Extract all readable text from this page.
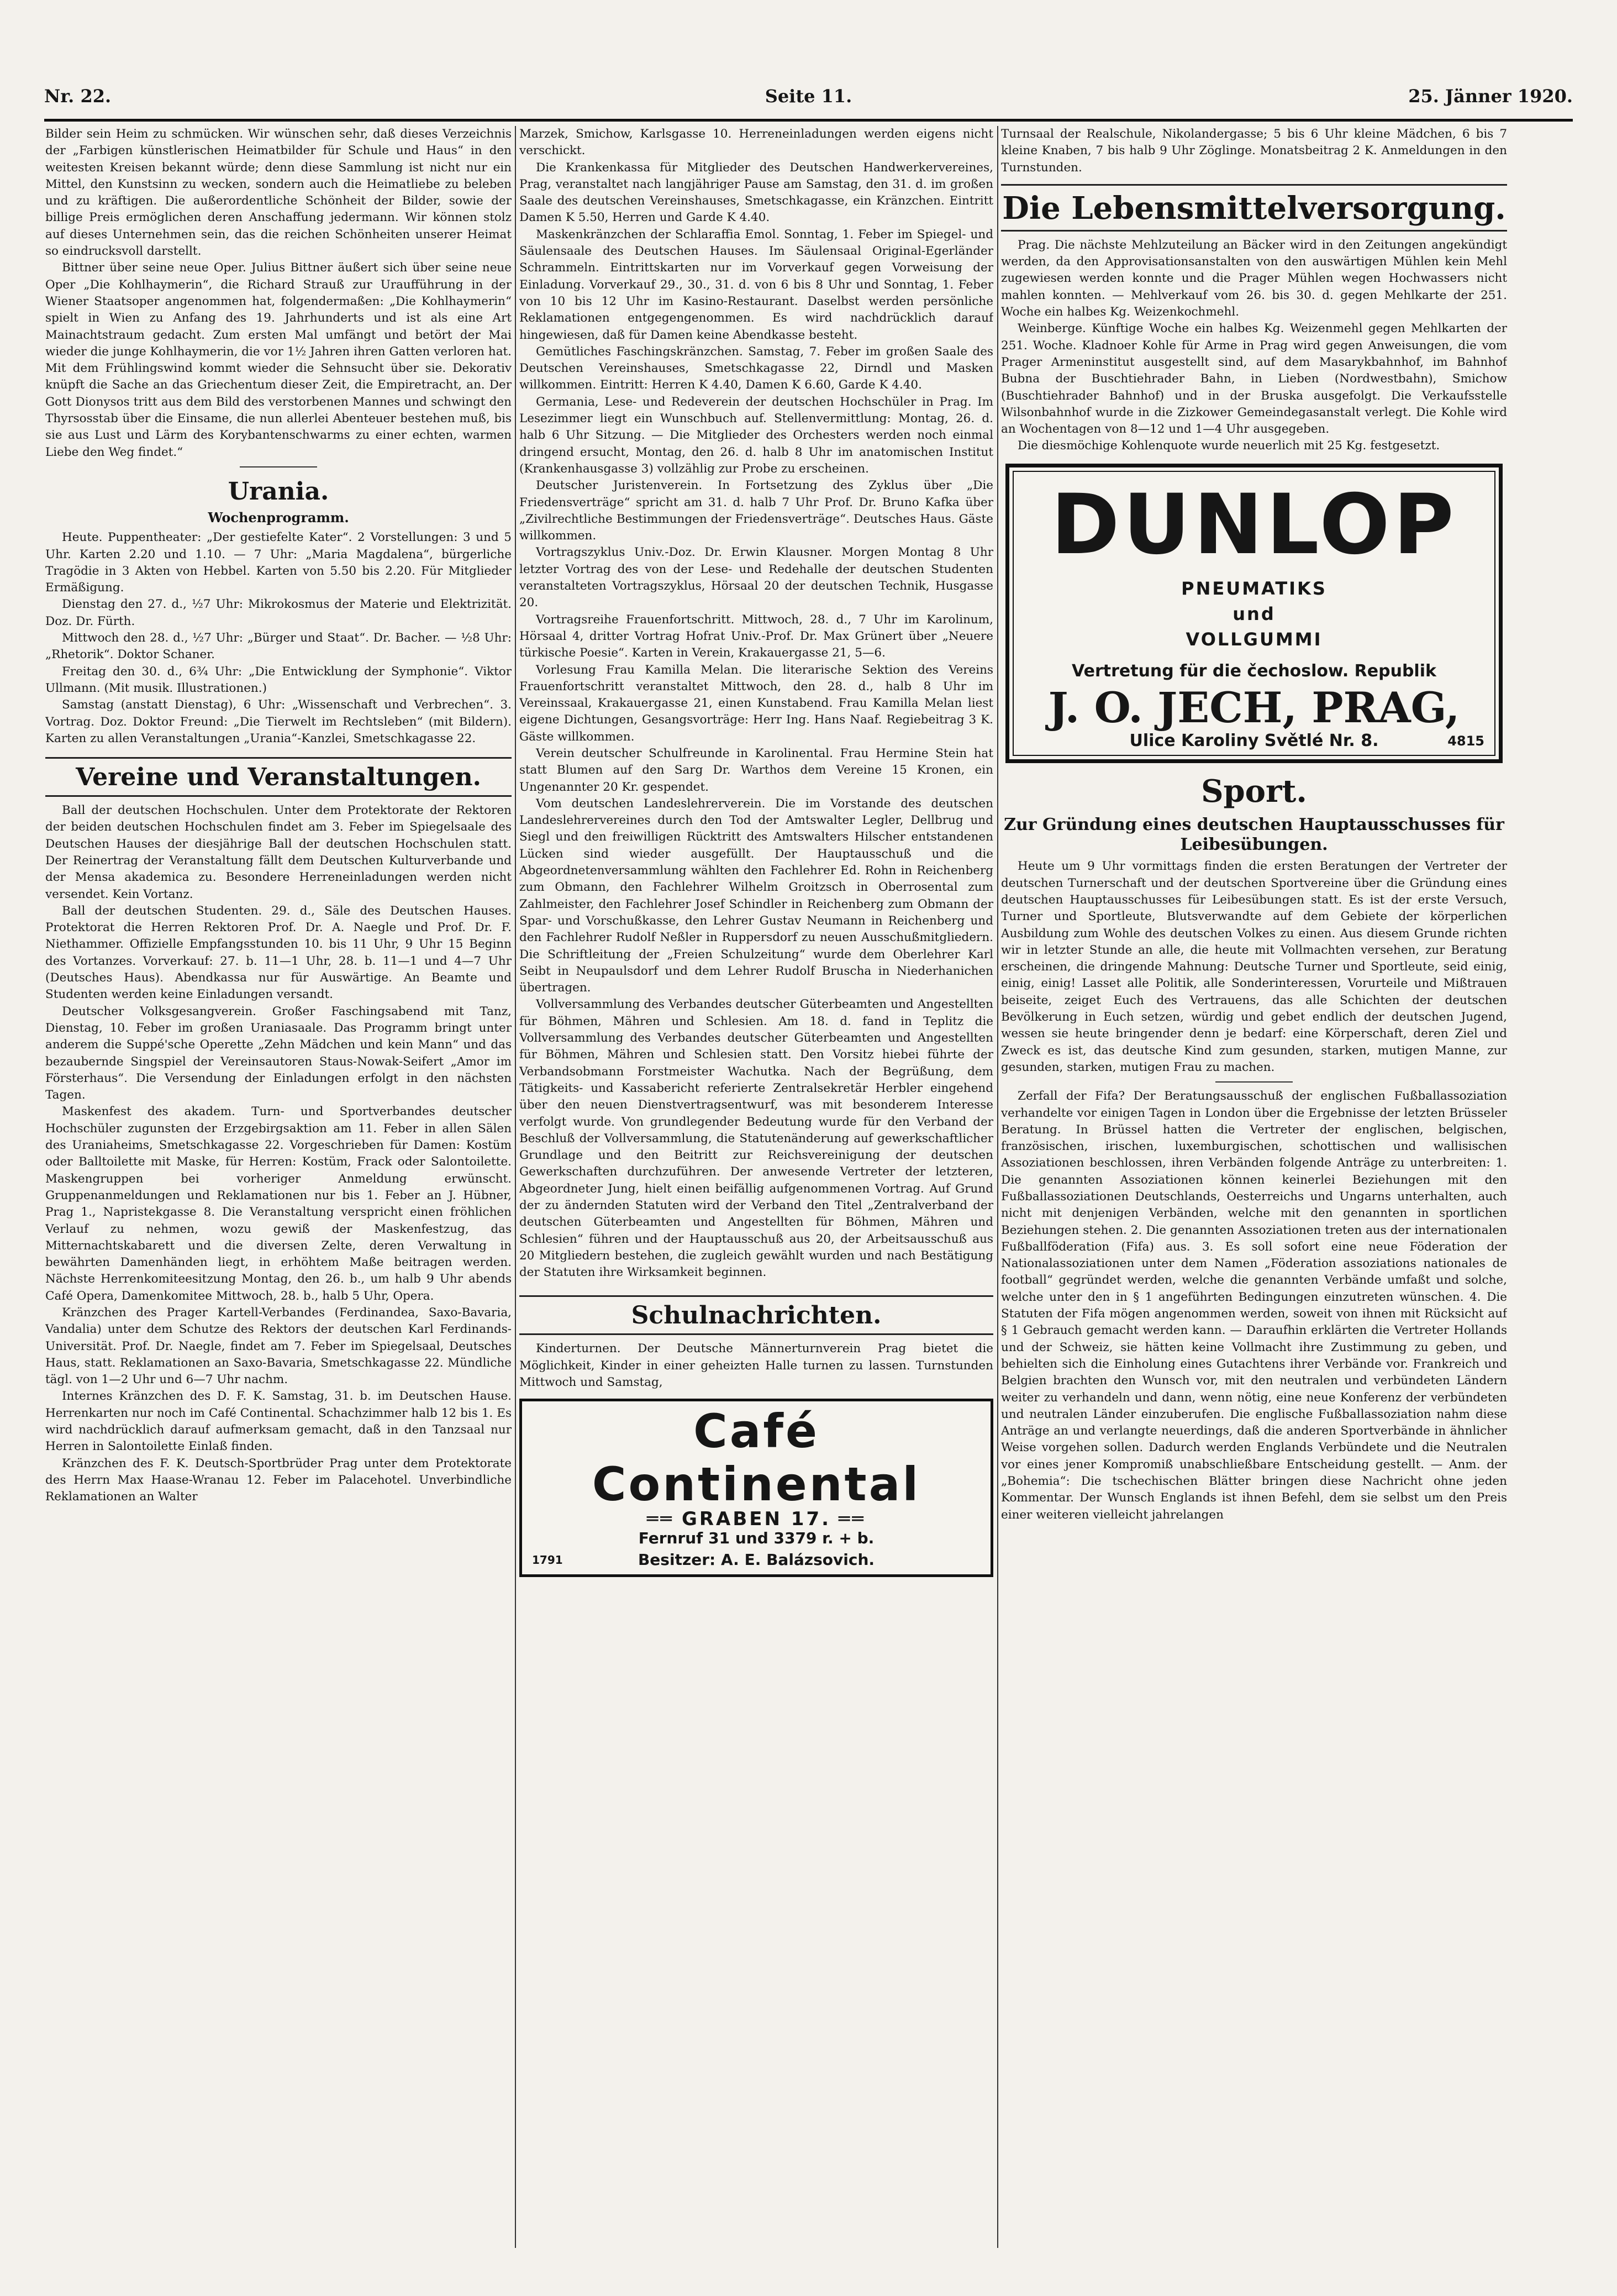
Nr. 22.	Seite 11.	25. Jänner 1920.

Bilder sein Heim zu schmücken. Wir wünschen sehr, daß dieses Verzeichnis der „Farbigen künstlerischen Heimatbilder für Schule und Haus“ in den weitesten Kreisen bekannt würde; denn diese Sammlung ist nicht nur ein Mittel, den Kunstsinn zu wecken, sondern auch die Heimatliebe zu beleben und zu kräftigen. Die außerordentliche Schönheit der Bilder, sowie der billige Preis ermöglichen deren Anschaffung jedermann. Wir können stolz auf dieses Unternehmen sein, das die reichen Schönheiten unserer Heimat so eindrucksvoll darstellt.

Bittner über seine neue Oper. Julius Bittner äußert sich über seine neue Oper „Die Kohlhaymerin“, die Richard Strauß zur Uraufführung in der Wiener Staatsoper angenommen hat, folgendermaßen: „Die Kohlhaymerin“ spielt in Wien zu Anfang des 19. Jahrhunderts und ist als eine Art Mainachtstraum gedacht. Zum ersten Mal umfängt und betört der Mai wieder die junge Kohlhaymerin, die vor 1½ Jahren ihren Gatten verloren hat. Mit dem Frühlingswind kommt wieder die Sehnsucht über sie. Dekorativ knüpft die Sache an das Griechentum dieser Zeit, die Empiretracht, an. Der Gott Dionysos tritt aus dem Bild des verstorbenen Mannes und schwingt den Thyrsosstab über die Einsame, die nun allerlei Abenteuer bestehen muß, bis sie aus Lust und Lärm des Korybantenschwarms zu einer echten, warmen Liebe den Weg findet.“

Urania.
Wochenprogramm.

Heute. Puppentheater: „Der gestiefelte Kater“. 2 Vorstellungen: 3 und 5 Uhr. Karten 2.20 und 1.10. — 7 Uhr: „Maria Magdalena“, bürgerliche Tragödie in 3 Akten von Hebbel. Karten von 5.50 bis 2.20. Für Mitglieder Ermäßigung.

Dienstag den 27. d., ½7 Uhr: Mikrokosmus der Materie und Elektrizität. Doz. Dr. Fürth.

Mittwoch den 28. d., ½7 Uhr: „Bürger und Staat“. Dr. Bacher. — ½8 Uhr: „Rhetorik“. Doktor Schaner.

Freitag den 30. d., 6¾ Uhr: „Die Entwicklung der Symphonie“. Viktor Ullmann. (Mit musik. Illustrationen.)

Samstag (anstatt Dienstag), 6 Uhr: „Wissenschaft und Verbrechen“. 3. Vortrag. Doz. Doktor Freund: „Die Tierwelt im Rechtsleben“ (mit Bildern). Karten zu allen Veranstaltungen „Urania“-Kanzlei, Smetschkagasse 22.

Vereine und Veranstaltungen.

Ball der deutschen Hochschulen. Unter dem Protektorate der Rektoren der beiden deutschen Hochschulen findet am 3. Feber im Spiegelsaale des Deutschen Hauses der diesjährige Ball der deutschen Hochschulen statt. Der Reinertrag der Veranstaltung fällt dem Deutschen Kulturverbande und der Mensa akademica zu. Besondere Herreneinladungen werden nicht versendet. Kein Vortanz.

Ball der deutschen Studenten. 29. d., Säle des Deutschen Hauses. Protektorat die Herren Rektoren Prof. Dr. A. Naegle und Prof. Dr. F. Niethammer. Offizielle Empfangsstunden 10. bis 11 Uhr, 9 Uhr 15 Beginn des Vortanzes. Vorverkauf: 27. b. 11—1 Uhr, 28. b. 11—1 und 4—7 Uhr (Deutsches Haus). Abendkassa nur für Auswärtige. An Beamte und Studenten werden keine Einladungen versandt.

Deutscher Volksgesangverein. Großer Faschingsabend mit Tanz, Dienstag, 10. Feber im großen Uraniasaale. Das Programm bringt unter anderem die Suppé'sche Operette „Zehn Mädchen und kein Mann“ und das bezaubernde Singspiel der Vereinsautoren Staus-Nowak-Seifert „Amor im Försterhaus“. Die Versendung der Einladungen erfolgt in den nächsten Tagen.

Maskenfest des akadem. Turn- und Sportverbandes deutscher Hochschüler zugunsten der Erzgebirgsaktion am 11. Feber in allen Sälen des Uraniaheims, Smetschkagasse 22. Vorgeschrieben für Damen: Kostüm oder Balltoilette mit Maske, für Herren: Kostüm, Frack oder Salontoilette. Maskengruppen bei vorheriger Anmeldung erwünscht. Gruppenanmeldungen und Reklamationen nur bis 1. Feber an J. Hübner, Prag 1., Napristekgasse 8. Die Veranstaltung verspricht einen fröhlichen Verlauf zu nehmen, wozu gewiß der Maskenfestzug, das Mitternachtskabarett und die diversen Zelte, deren Verwaltung in bewährten Damenhänden liegt, in erhöhtem Maße beitragen werden. Nächste Herrenkomiteesitzung Montag, den 26. b., um halb 9 Uhr abends Café Opera, Damenkomitee Mittwoch, 28. b., halb 5 Uhr, Opera.

Kränzchen des Prager Kartell-Verbandes (Ferdinandea, Saxo-Bavaria, Vandalia) unter dem Schutze des Rektors der deutschen Karl Ferdinands-Universität. Prof. Dr. Naegle, findet am 7. Feber im Spiegelsaal, Deutsches Haus, statt. Reklamationen an Saxo-Bavaria, Smetschkagasse 22. Mündliche tägl. von 1—2 Uhr und 6—7 Uhr nachm.

Internes Kränzchen des D. F. K. Samstag, 31. b. im Deutschen Hause. Herrenkarten nur noch im Café Continental. Schachzimmer halb 12 bis 1. Es wird nachdrücklich darauf aufmerksam gemacht, daß in den Tanzsaal nur Herren in Salontoilette Einlaß finden.

Kränzchen des F. K. Deutsch-Sportbrüder Prag unter dem Protektorate des Herrn Max Haase-Wranau 12. Feber im Palacehotel. Unverbindliche Reklamationen an Walter

Marzek, Smichow, Karlsgasse 10. Herreneinladungen werden eigens nicht verschickt.

Die Krankenkassa für Mitglieder des Deutschen Handwerkervereines, Prag, veranstaltet nach langjähriger Pause am Samstag, den 31. d. im großen Saale des deutschen Vereinshauses, Smetschkagasse, ein Kränzchen. Eintritt Damen K 5.50, Herren und Garde K 4.40.

Maskenkränzchen der Schlaraffia Emol. Sonntag, 1. Feber im Spiegel- und Säulensaale des Deutschen Hauses. Im Säulensaal Original-Egerländer Schrammeln. Eintrittskarten nur im Vorverkauf gegen Vorweisung der Einladung. Vorverkauf 29., 30., 31. d. von 6 bis 8 Uhr und Sonntag, 1. Feber von 10 bis 12 Uhr im Kasino-Restaurant. Daselbst werden persönliche Reklamationen entgegengenommen. Es wird nachdrücklich darauf hingewiesen, daß für Damen keine Abendkasse besteht.

Gemütliches Faschingskränzchen. Samstag, 7. Feber im großen Saale des Deutschen Vereinshauses, Smetschkagasse 22, Dirndl und Masken willkommen. Eintritt: Herren K 4.40, Damen K 6.60, Garde K 4.40.

Germania, Lese- und Redeverein der deutschen Hochschüler in Prag. Im Lesezimmer liegt ein Wunschbuch auf. Stellenvermittlung: Montag, 26. d. halb 6 Uhr Sitzung. — Die Mitglieder des Orchesters werden noch einmal dringend ersucht, Montag, den 26. d. halb 8 Uhr im anatomischen Institut (Krankenhausgasse 3) vollzählig zur Probe zu erscheinen.

Deutscher Juristenverein. In Fortsetzung des Zyklus über „Die Friedensverträge“ spricht am 31. d. halb 7 Uhr Prof. Dr. Bruno Kafka über „Zivilrechtliche Bestimmungen der Friedensverträge“. Deutsches Haus. Gäste willkommen.

Vortragszyklus Univ.-Doz. Dr. Erwin Klausner. Morgen Montag 8 Uhr letzter Vortrag des von der Lese- und Redehalle der deutschen Studenten veranstalteten Vortragszyklus, Hörsaal 20 der deutschen Technik, Husgasse 20.

Vortragsreihe Frauenfortschritt. Mittwoch, 28. d., 7 Uhr im Karolinum, Hörsaal 4, dritter Vortrag Hofrat Univ.-Prof. Dr. Max Grünert über „Neuere türkische Poesie“. Karten in Verein, Krakauergasse 21, 5—6.

Vorlesung Frau Kamilla Melan. Die literarische Sektion des Vereins Frauenfortschritt veranstaltet Mittwoch, den 28. d., halb 8 Uhr im Vereinssaal, Krakauergasse 21, einen Kunstabend. Frau Kamilla Melan liest eigene Dichtungen, Gesangsvorträge: Herr Ing. Hans Naaf. Regiebeitrag 3 K. Gäste willkommen.

Verein deutscher Schulfreunde in Karolinental. Frau Hermine Stein hat statt Blumen auf den Sarg Dr. Warthos dem Vereine 15 Kronen, ein Ungenannter 20 Kr. gespendet.

Vom deutschen Landeslehrerverein. Die im Vorstande des deutschen Landeslehrervereines durch den Tod der Amtswalter Legler, Dellbrug und Siegl und den freiwilligen Rücktritt des Amtswalters Hilscher entstandenen Lücken sind wieder ausgefüllt. Der Hauptausschuß und die Abgeordnetenversammlung wählten den Fachlehrer Ed. Rohn in Reichenberg zum Obmann, den Fachlehrer Wilhelm Groitzsch in Oberrosental zum Zahlmeister, den Fachlehrer Josef Schindler in Reichenberg zum Obmann der Spar- und Vorschußkasse, den Lehrer Gustav Neumann in Reichenberg und den Fachlehrer Rudolf Neßler in Ruppersdorf zu neuen Ausschußmitgliedern. Die Schriftleitung der „Freien Schulzeitung“ wurde dem Oberlehrer Karl Seibt in Neupaulsdorf und dem Lehrer Rudolf Bruscha in Niederhanichen übertragen.

Vollversammlung des Verbandes deutscher Güterbeamten und Angestellten für Böhmen, Mähren und Schlesien. Am 18. d. fand in Teplitz die Vollversammlung des Verbandes deutscher Güterbeamten und Angestellten für Böhmen, Mähren und Schlesien statt. Den Vorsitz hiebei führte der Verbandsobmann Forstmeister Wachutka. Nach der Begrüßung, dem Tätigkeits- und Kassabericht referierte Zentralsekretär Herbler eingehend über den neuen Dienstvertragsentwurf, was mit besonderem Interesse verfolgt wurde. Von grundlegender Bedeutung wurde für den Verband der Beschluß der Vollversammlung, die Statutenänderung auf gewerkschaftlicher Grundlage und den Beitritt zur Reichsvereinigung der deutschen Gewerkschaften durchzuführen. Der anwesende Vertreter der letzteren, Abgeordneter Jung, hielt einen beifällig aufgenommenen Vortrag. Auf Grund der zu ändernden Statuten wird der Verband den Titel „Zentralverband der deutschen Güterbeamten und Angestellten für Böhmen, Mähren und Schlesien“ führen und der Hauptausschuß aus 20, der Arbeitsausschuß aus 20 Mitgliedern bestehen, die zugleich gewählt wurden und nach Bestätigung der Statuten ihre Wirksamkeit beginnen.

Schulnachrichten.

Kinderturnen. Der Deutsche Männerturnverein Prag bietet die Möglichkeit, Kinder in einer geheizten Halle turnen zu lassen. Turnstunden Mittwoch und Samstag,

Café Continental
══ GRABEN 17. ══
Fernruf 31 und 3379 r. + b.
1791	Besitzer: A. E. Balázsovich.

Turnsaal der Realschule, Nikolandergasse; 5 bis 6 Uhr kleine Mädchen, 6 bis 7 kleine Knaben, 7 bis halb 9 Uhr Zöglinge. Monatsbeitrag 2 K. Anmeldungen in den Turnstunden.

Die Lebensmittelversorgung.

Prag. Die nächste Mehlzuteilung an Bäcker wird in den Zeitungen angekündigt werden, da den Approvisationsanstalten von den auswärtigen Mühlen kein Mehl zugewiesen werden konnte und die Prager Mühlen wegen Hochwassers nicht mahlen konnten. — Mehlverkauf vom 26. bis 30. d. gegen Mehlkarte der 251. Woche ein halbes Kg. Weizenkochmehl.

Weinberge. Künftige Woche ein halbes Kg. Weizenmehl gegen Mehlkarten der 251. Woche. Kladnoer Kohle für Arme in Prag wird gegen Anweisungen, die vom Prager Armeninstitut ausgestellt sind, auf dem Masarykbahnhof, im Bahnhof Bubna der Buschtiehrader Bahn, in Lieben (Nordwestbahn), Smichow (Buschtiehrader Bahnhof) und in der Bruska ausgefolgt. Die Verkaufsstelle Wilsonbahnhof wurde in die Zizkower Gemeindegasanstalt verlegt. Die Kohle wird an Wochentagen von 8—12 und 1—4 Uhr ausgegeben.

Die diesmöchige Kohlenquote wurde neuerlich mit 25 Kg. festgesetzt.

DUNLOP
PNEUMATIKS
und
VOLLGUMMI
Vertretung für die čechoslow. Republik
J. O. JECH, PRAG,
Ulice Karoliny Světlé Nr. 8.	4815
Sport.
Zur Gründung eines deutschen Hauptausschusses für Leibesübungen.

Heute um 9 Uhr vormittags finden die ersten Beratungen der Vertreter der deutschen Turnerschaft und der deutschen Sportvereine über die Gründung eines deutschen Hauptausschusses für Leibesübungen statt. Es ist der erste Versuch, Turner und Sportleute, Blutsverwandte auf dem Gebiete der körperlichen Ausbildung zum Wohle des deutschen Volkes zu einen. Aus diesem Grunde richten wir in letzter Stunde an alle, die heute mit Vollmachten versehen, zur Beratung erscheinen, die dringende Mahnung: Deutsche Turner und Sportleute, seid einig, einig, einig! Lasset alle Politik, alle Sonderinteressen, Vorurteile und Mißtrauen beiseite, zeiget Euch des Vertrauens, das alle Schichten der deutschen Bevölkerung in Euch setzen, würdig und gebet endlich der deutschen Jugend, wessen sie heute bringender denn je bedarf: eine Körperschaft, deren Ziel und Zweck es ist, das deutsche Kind zum gesunden, starken, mutigen Manne, zur gesunden, starken, mutigen Frau zu machen.

Zerfall der Fifa? Der Beratungsausschuß der englischen Fußballassoziation verhandelte vor einigen Tagen in London über die Ergebnisse der letzten Brüsseler Beratung. In Brüssel hatten die Vertreter der englischen, belgischen, französischen, irischen, luxemburgischen, schottischen und wallisischen Assoziationen beschlossen, ihren Verbänden folgende Anträge zu unterbreiten: 1. Die genannten Assoziationen können keinerlei Beziehungen mit den Fußballassoziationen Deutschlands, Oesterreichs und Ungarns unterhalten, auch nicht mit denjenigen Verbänden, welche mit den genannten in sportlichen Beziehungen stehen. 2. Die genannten Assoziationen treten aus der internationalen Fußballföderation (Fifa) aus. 3. Es soll sofort eine neue Föderation der Nationalassoziationen unter dem Namen „Föderation assoziations nationales de football“ gegründet werden, welche die genannten Verbände umfaßt und solche, welche unter den in § 1 angeführten Bedingungen einzutreten wünschen. 4. Die Statuten der Fifa mögen angenommen werden, soweit von ihnen mit Rücksicht auf § 1 Gebrauch gemacht werden kann. — Daraufhin erklärten die Vertreter Hollands und der Schweiz, sie hätten keine Vollmacht ihre Zustimmung zu geben, und behielten sich die Einholung eines Gutachtens ihrer Verbände vor. Frankreich und Belgien brachten den Wunsch vor, mit den neutralen und verbündeten Ländern weiter zu verhandeln und dann, wenn nötig, eine neue Konferenz der verbündeten und neutralen Länder einzuberufen. Die englische Fußballassoziation nahm diese Anträge an und verlangte neuerdings, daß die anderen Sportverbände in ähnlicher Weise vorgehen sollen. Dadurch werden Englands Verbündete und die Neutralen vor eines jener Kompromiß unabschließbare Entscheidung gestellt. — Anm. der „Bohemia“: Die tschechischen Blätter bringen diese Nachricht ohne jeden Kommentar. Der Wunsch Englands ist ihnen Befehl, dem sie selbst um den Preis einer weiteren vielleicht jahrelangen
